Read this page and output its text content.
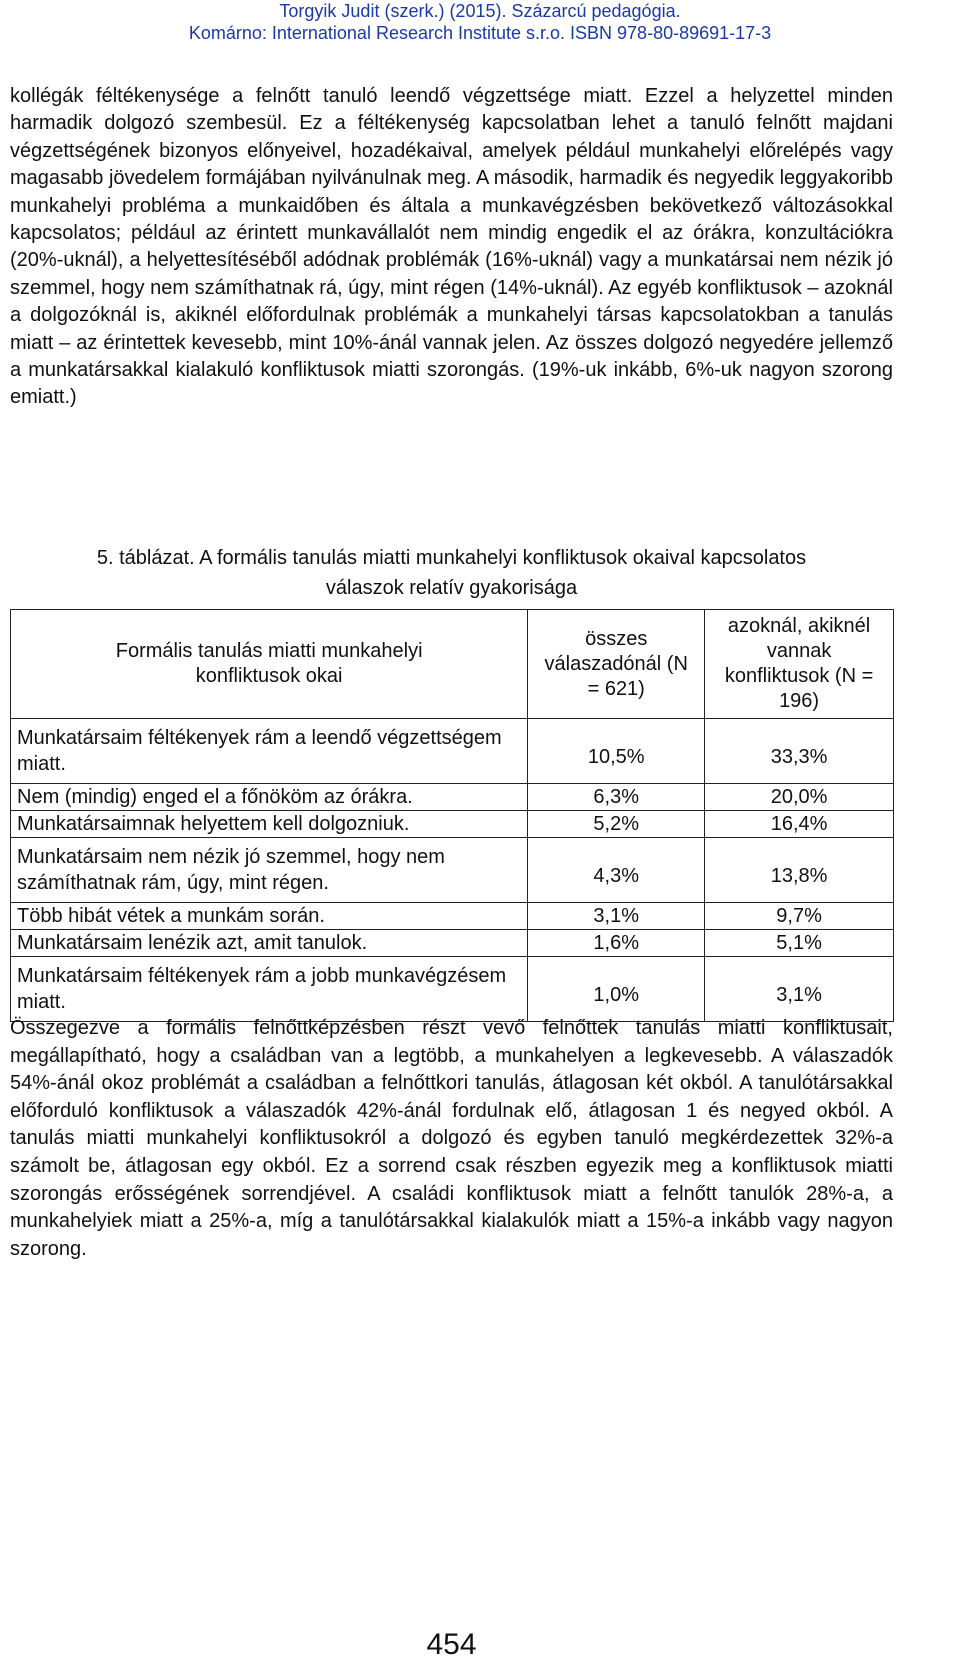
Torgyik Judit (szerk.) (2015). Százarcú pedagógia.
Komárno: International Research Institute s.r.o. ISBN 978-80-89691-17-3

kollégák féltékenysége a felnőtt tanuló leendő végzettsége miatt. Ezzel a helyzettel minden harmadik dolgozó szembesül. Ez a féltékenység kapcsolatban lehet a tanuló felnőtt majdani végzettségének bizonyos előnyeivel, hozadékaival, amelyek például munkahelyi előrelépés vagy magasabb jövedelem formájában nyilvánulnak meg. A második, harmadik és negyedik leggyakoribb munkahelyi probléma a munkaidőben és általa a munkavégzésben bekövetkező változásokkal kapcsolatos; például az érintett munkavállalót nem mindig engedik el az órákra, konzultációkra (20%-uknál), a helyettesítéséből adódnak problémák (16%-uknál) vagy a munkatársai nem nézik jó szemmel, hogy nem számíthatnak rá, úgy, mint régen (14%-uknál). Az egyéb konfliktusok – azoknál a dolgozóknál is, akiknél előfordulnak problémák a munkahelyi társas kapcsolatokban a tanulás miatt – az érintettek kevesebb, mint 10%-ánál vannak jelen. Az összes dolgozó negyedére jellemző a munkatársakkal kialakuló konfliktusok miatti szorongás. (19%-uk inkább, 6%-uk nagyon szorong emiatt.)

5. táblázat. A formális tanulás miatti munkahelyi konfliktusok okaival kapcsolatos
válaszok relatív gyakorisága
Formális tanulás miatti munkahelyi konfliktusok okai	összes válaszadónál (N = 621)	azoknál, akiknél vannak konfliktusok (N = 196)
Munkatársaim féltékenyek rám a leendő végzettségem miatt.	10,5%	33,3%
Nem (mindig) enged el a főnököm az órákra.	6,3%	20,0%
Munkatársaimnak helyettem kell dolgozniuk.	5,2%	16,4%
Munkatársaim nem nézik jó szemmel, hogy nem számíthatnak rám, úgy, mint régen.	4,3%	13,8%
Több hibát vétek a munkám során.	3,1%	9,7%
Munkatársaim lenézik azt, amit tanulok.	1,6%	5,1%
Munkatársaim féltékenyek rám a jobb munkavégzésem miatt.	1,0%	3,1%

Összegezve a formális felnőttképzésben részt vevő felnőttek tanulás miatti konfliktusait, megállapítható, hogy a családban van a legtöbb, a munkahelyen a legkevesebb. A válaszadók 54%-ánál okoz problémát a családban a felnőttkori tanulás, átlagosan két okból. A tanulótársakkal előforduló konfliktusok a válaszadók 42%-ánál fordulnak elő, átlagosan 1 és negyed okból. A tanulás miatti munkahelyi konfliktusokról a dolgozó és egyben tanuló megkérdezettek 32%-a számolt be, átlagosan egy okból. Ez a sorrend csak részben egyezik meg a konfliktusok miatti szorongás erősségének sorrendjével. A családi konfliktusok miatt a felnőtt tanulók 28%-a, a munkahelyiek miatt a 25%-a, míg a tanulótársakkal kialakulók miatt a 15%-a inkább vagy nagyon szorong.

454
